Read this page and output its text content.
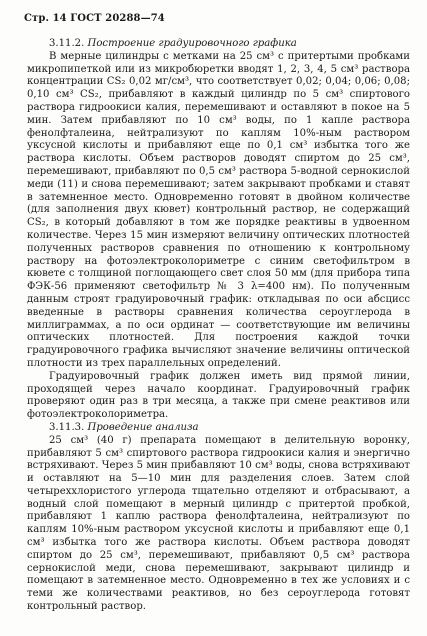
Стр. 14 ГОСТ 20288—74

3.11.2. Построение градуировочного графика

В мерные цилиндры с метками на 25 см³ с притертыми пробками микропипеткой или из микробюретки вводят 1, 2, 3, 4, 5 см³ раствора концентрации CS₂ 0,02 мг/см³, что соответствует 0,02; 0,04; 0,06; 0,08; 0,10 см³ CS₂, прибавляют в каждый цилиндр по 5 см³ спиртового раствора гидроокиси калия, перемешивают и оставляют в покое на 5 мин. Затем прибавляют по 10 см³ воды, по 1 капле раствора фенолфталеина, нейтрализуют по каплям 10%-ным раствором уксусной кислоты и прибавляют еще по 0,1 см³ избытка того же раствора кислоты. Объем растворов доводят спиртом до 25 см³, перемешивают, прибавляют по 0,5 см³ раствора 5-водной сернокислой меди (11) и снова перемешивают; затем закрывают пробками и ставят в затемненное место. Одновременно готовят в двойном количестве (для заполнения двух кювет) контрольный раствор, не содержащий CS₂, в который добавляют в том же порядке реактивы в удвоенном количестве. Через 15 мин измеряют величину оптических плотностей полученных растворов сравнения по отношению к контрольному раствору на фотоэлектроколориметре с синим светофильтром в кювете с толщиной поглощающего свет слоя 50 мм (для прибора типа ФЭК-56 применяют светофильтр № 3 λ=400 нм). По полученным данным строят градуировочный график: откладывая по оси абсцисс введенные в растворы сравнения количества сероуглерода в миллиграммах, а по оси ординат — соответствующие им величины оптических плотностей. Для построения каждой точки градуировочного графика вычисляют значение величины оптической плотности из трех параллельных определений.

Градуировочный график должен иметь вид прямой линии, проходящей через начало координат. Градуировочный график проверяют один раз в три месяца, а также при смене реактивов или фотоэлектроколориметра.

3.11.3. Проведение анализа

25 см³ (40 г) препарата помещают в делительную воронку, прибавляют 5 см³ спиртового раствора гидроокиси калия и энергично встряхивают. Через 5 мин прибавляют 10 см³ воды, снова встряхивают и оставляют на 5—10 мин для разделения слоев. Затем слой четыреххлористого углерода тщательно отделяют и отбрасывают, а водный слой помещают в мерный цилиндр с притертой пробкой, прибавляют 1 каплю раствора фенолфталеина, нейтрализуют по каплям 10%-ным раствором уксусной кислоты и прибавляют еще 0,1 см³ избытка того же раствора кислоты. Объем раствора доводят спиртом до 25 см³, перемешивают, прибавляют 0,5 см³ раствора сернокислой меди, снова перемешивают, закрывают цилиндр и помещают в затемненное место. Одновременно в тех же условиях и с теми же количествами реактивов, но без сероуглерода готовят контрольный раствор.
